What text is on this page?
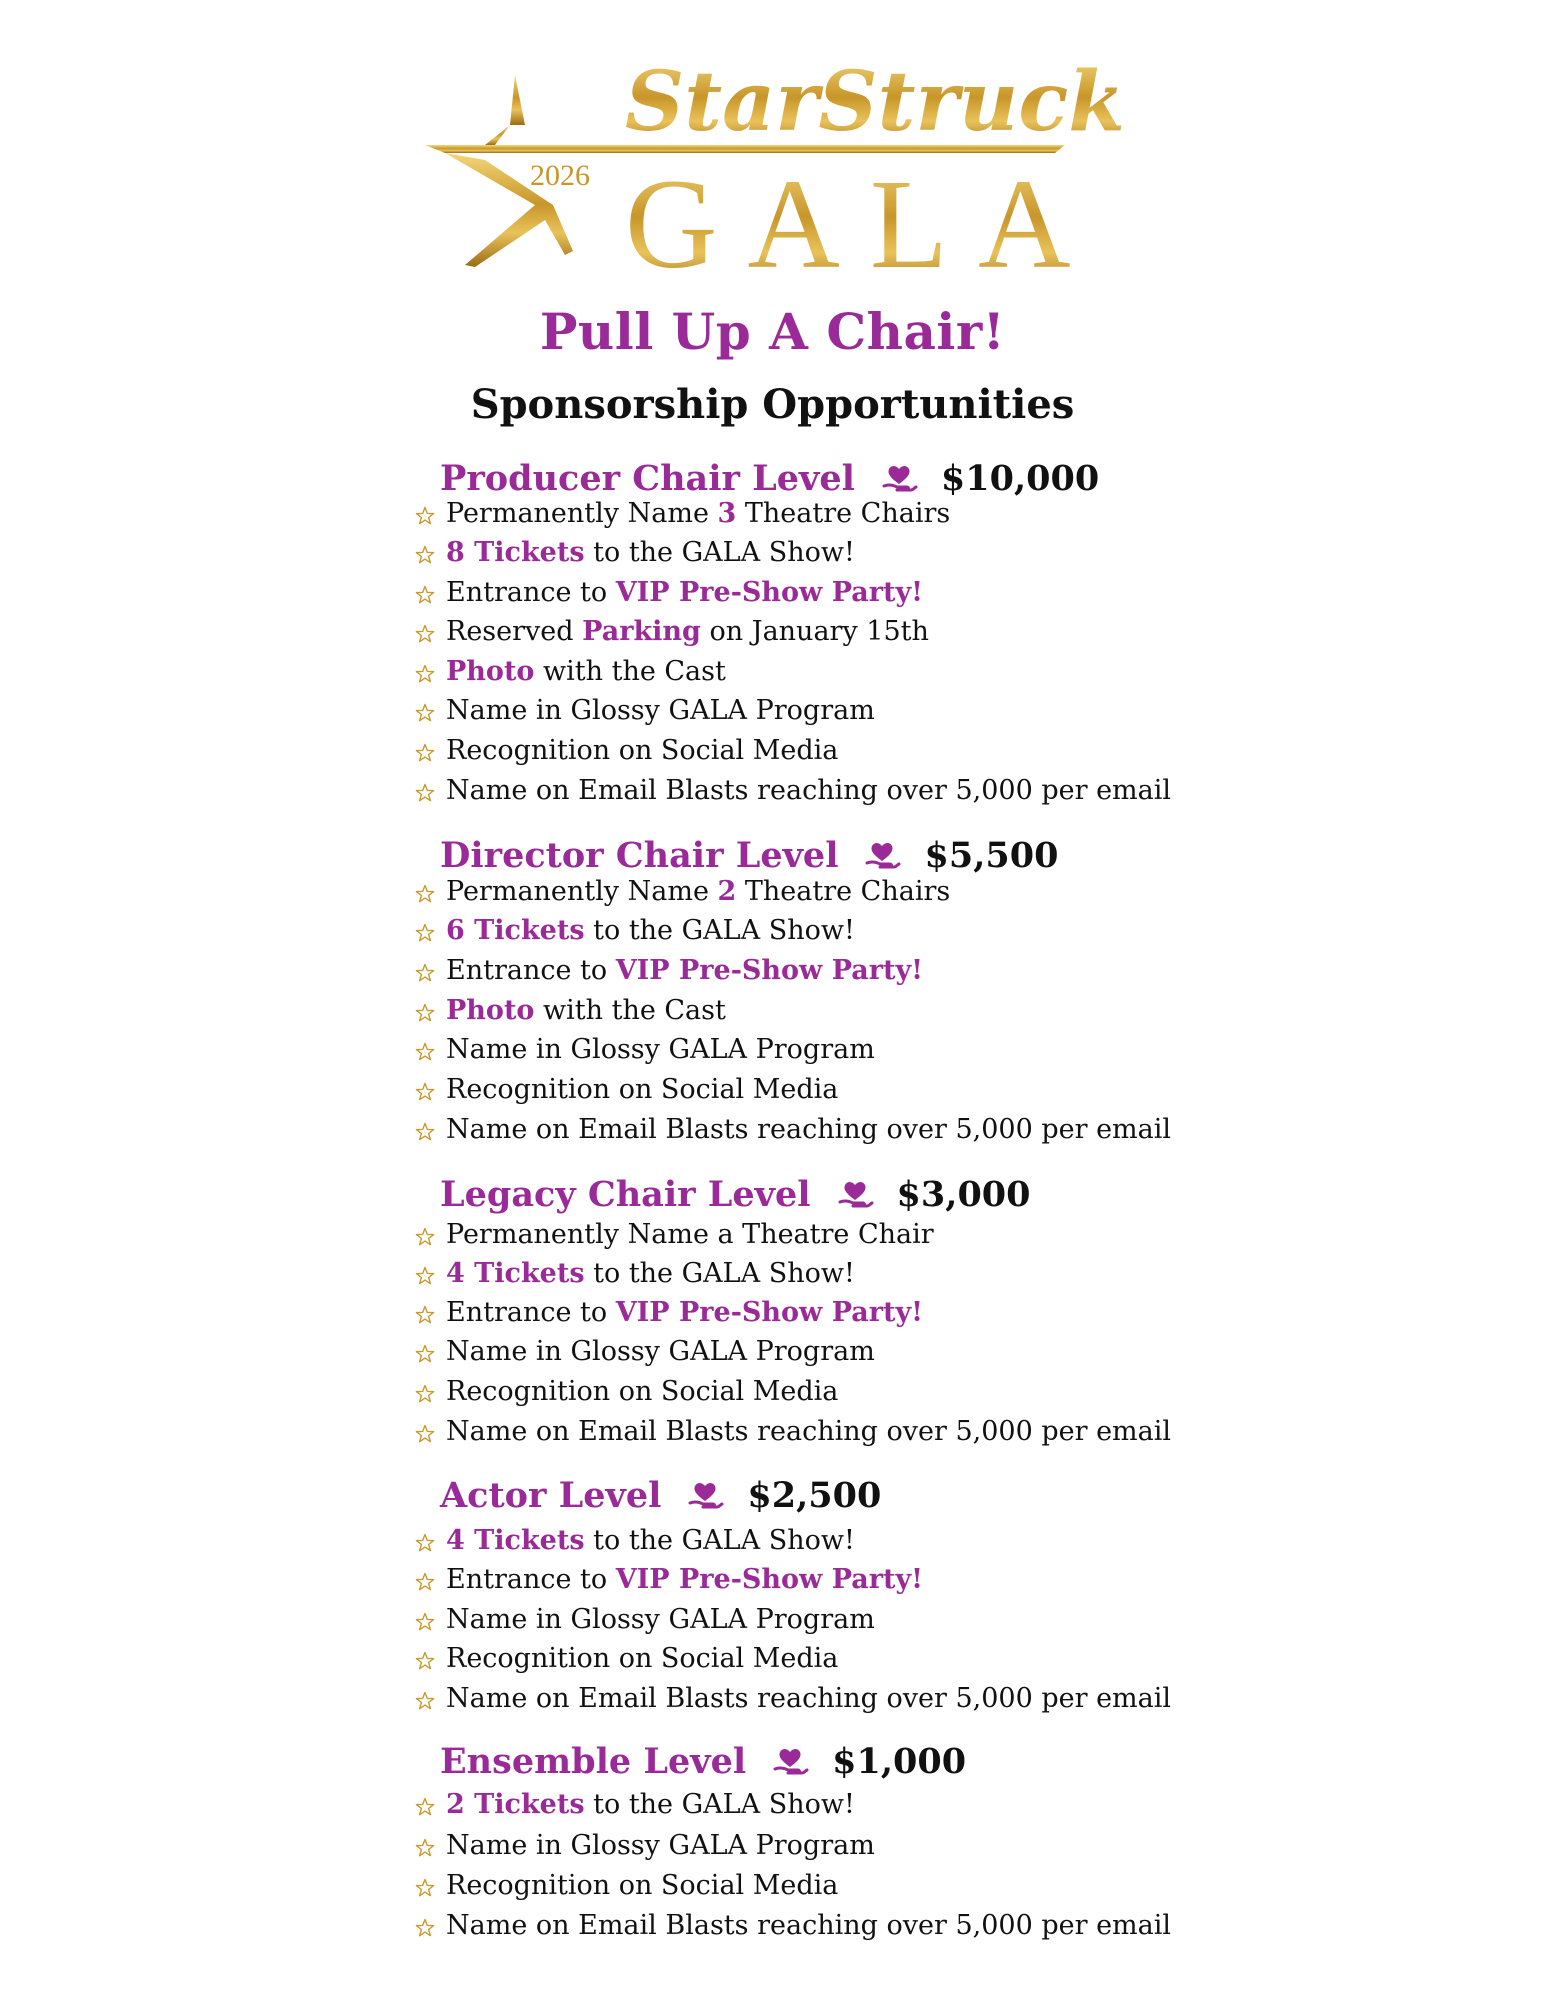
2026
StarStruck
GALA
Pull Up A Chair!
Sponsorship Opportunities
Producer Chair Level $10,000
Permanently Name 3 Theatre Chairs
8 Tickets to the GALA Show!
Entrance to VIP Pre-Show Party!
Reserved Parking on January 15th
Photo with the Cast
Name in Glossy GALA Program
Recognition on Social Media
Name on Email Blasts reaching over 5,000 per email
Director Chair Level $5,500
Permanently Name 2 Theatre Chairs
6 Tickets to the GALA Show!
Entrance to VIP Pre-Show Party!
Photo with the Cast
Name in Glossy GALA Program
Recognition on Social Media
Name on Email Blasts reaching over 5,000 per email
Legacy Chair Level $3,000
Permanently Name a Theatre Chair
4 Tickets to the GALA Show!
Entrance to VIP Pre-Show Party!
Name in Glossy GALA Program
Recognition on Social Media
Name on Email Blasts reaching over 5,000 per email
Actor Level $2,500
4 Tickets to the GALA Show!
Entrance to VIP Pre-Show Party!
Name in Glossy GALA Program
Recognition on Social Media
Name on Email Blasts reaching over 5,000 per email
Ensemble Level $1,000
2 Tickets to the GALA Show!
Name in Glossy GALA Program
Recognition on Social Media
Name on Email Blasts reaching over 5,000 per email
